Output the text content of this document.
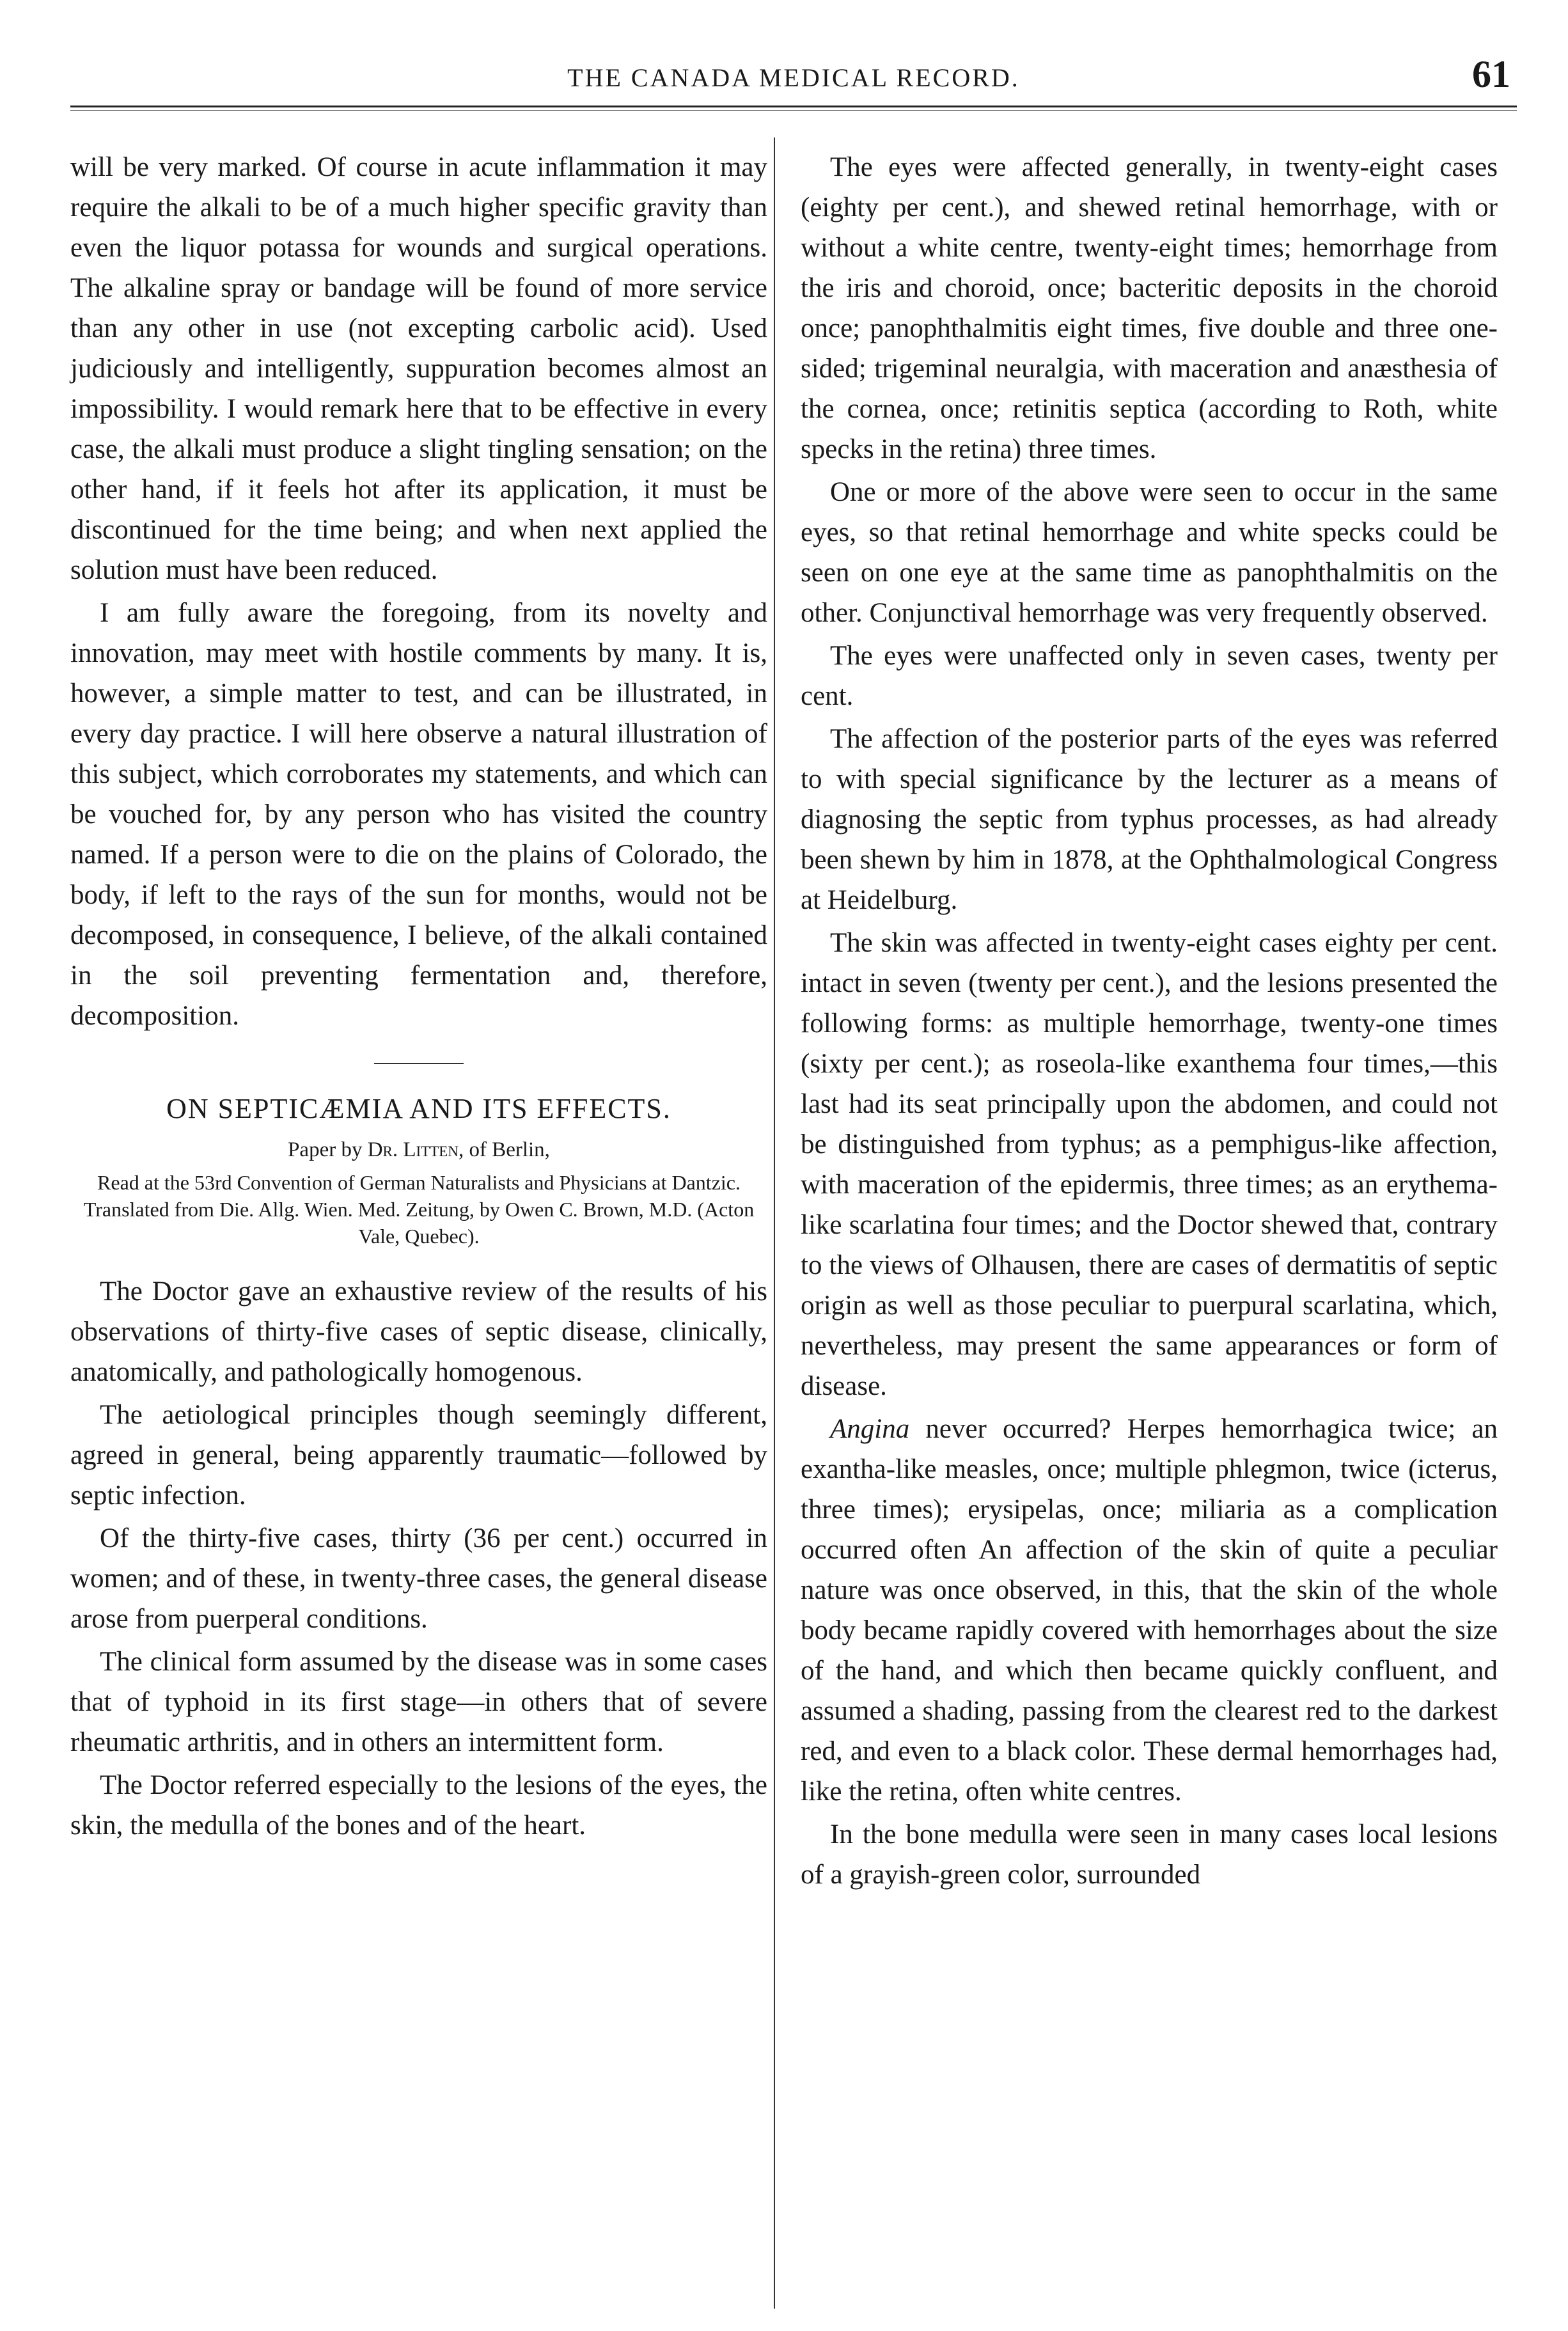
THE CANADA MEDICAL RECORD.	61

will be very marked. Of course in acute inflammation it may require the alkali to be of a much higher specific gravity than even the liquor potassa for wounds and surgical operations. The alkaline spray or bandage will be found of more service than any other in use (not excepting carbolic acid). Used judiciously and intelligently, suppuration becomes almost an impossibility. I would remark here that to be effective in every case, the alkali must produce a slight tingling sensation; on the other hand, if it feels hot after its application, it must be discontinued for the time being; and when next applied the solution must have been reduced.

I am fully aware the foregoing, from its novelty and innovation, may meet with hostile comments by many. It is, however, a simple matter to test, and can be illustrated, in every day practice. I will here observe a natural illustration of this subject, which corroborates my statements, and which can be vouched for, by any person who has visited the country named. If a person were to die on the plains of Colorado, the body, if left to the rays of the sun for months, would not be decomposed, in consequence, I believe, of the alkali contained in the soil preventing fermentation and, therefore, decomposition.

ON SEPTICÆMIA AND ITS EFFECTS.
Paper by Dr. Litten, of Berlin,
Read at the 53rd Convention of German Naturalists and Physicians at Dantzic. Translated from Die. Allg. Wien. Med. Zeitung, by Owen C. Brown, M.D. (Acton Vale, Quebec).

The Doctor gave an exhaustive review of the results of his observations of thirty-five cases of septic disease, clinically, anatomically, and pathologically homogenous.

The aetiological principles though seemingly different, agreed in general, being apparently traumatic—followed by septic infection.

Of the thirty-five cases, thirty (36 per cent.) occurred in women; and of these, in twenty-three cases, the general disease arose from puerperal conditions.

The clinical form assumed by the disease was in some cases that of typhoid in its first stage—in others that of severe rheumatic arthritis, and in others an intermittent form.

The Doctor referred especially to the lesions of the eyes, the skin, the medulla of the bones and of the heart.

The eyes were affected generally, in twenty-eight cases (eighty per cent.), and shewed retinal hemorrhage, with or without a white centre, twenty-eight times; hemorrhage from the iris and choroid, once; bacteritic deposits in the choroid once; panophthalmitis eight times, five double and three one-sided; trigeminal neuralgia, with maceration and anæsthesia of the cornea, once; retinitis septica (according to Roth, white specks in the retina) three times.

One or more of the above were seen to occur in the same eyes, so that retinal hemorrhage and white specks could be seen on one eye at the same time as panophthalmitis on the other. Conjunctival hemorrhage was very frequently observed.

The eyes were unaffected only in seven cases, twenty per cent.

The affection of the posterior parts of the eyes was referred to with special significance by the lecturer as a means of diagnosing the septic from typhus processes, as had already been shewn by him in 1878, at the Ophthalmological Congress at Heidelburg.

The skin was affected in twenty-eight cases eighty per cent. intact in seven (twenty per cent.), and the lesions presented the following forms: as multiple hemorrhage, twenty-one times (sixty per cent.); as roseola-like exanthema four times,—this last had its seat principally upon the abdomen, and could not be distinguished from typhus; as a pemphigus-like affection, with maceration of the epidermis, three times; as an erythema-like scarlatina four times; and the Doctor shewed that, contrary to the views of Olhausen, there are cases of dermatitis of septic origin as well as those peculiar to puerpural scarlatina, which, nevertheless, may present the same appearances or form of disease.

Angina never occurred? Herpes hemorrhagica twice; an exantha-like measles, once; multiple phlegmon, twice (icterus, three times); erysipelas, once; miliaria as a complication occurred often An affection of the skin of quite a peculiar nature was once observed, in this, that the skin of the whole body became rapidly covered with hemorrhages about the size of the hand, and which then became quickly confluent, and assumed a shading, passing from the clearest red to the darkest red, and even to a black color. These dermal hemorrhages had, like the retina, often white centres.

In the bone medulla were seen in many cases local lesions of a grayish-green color, surrounded
